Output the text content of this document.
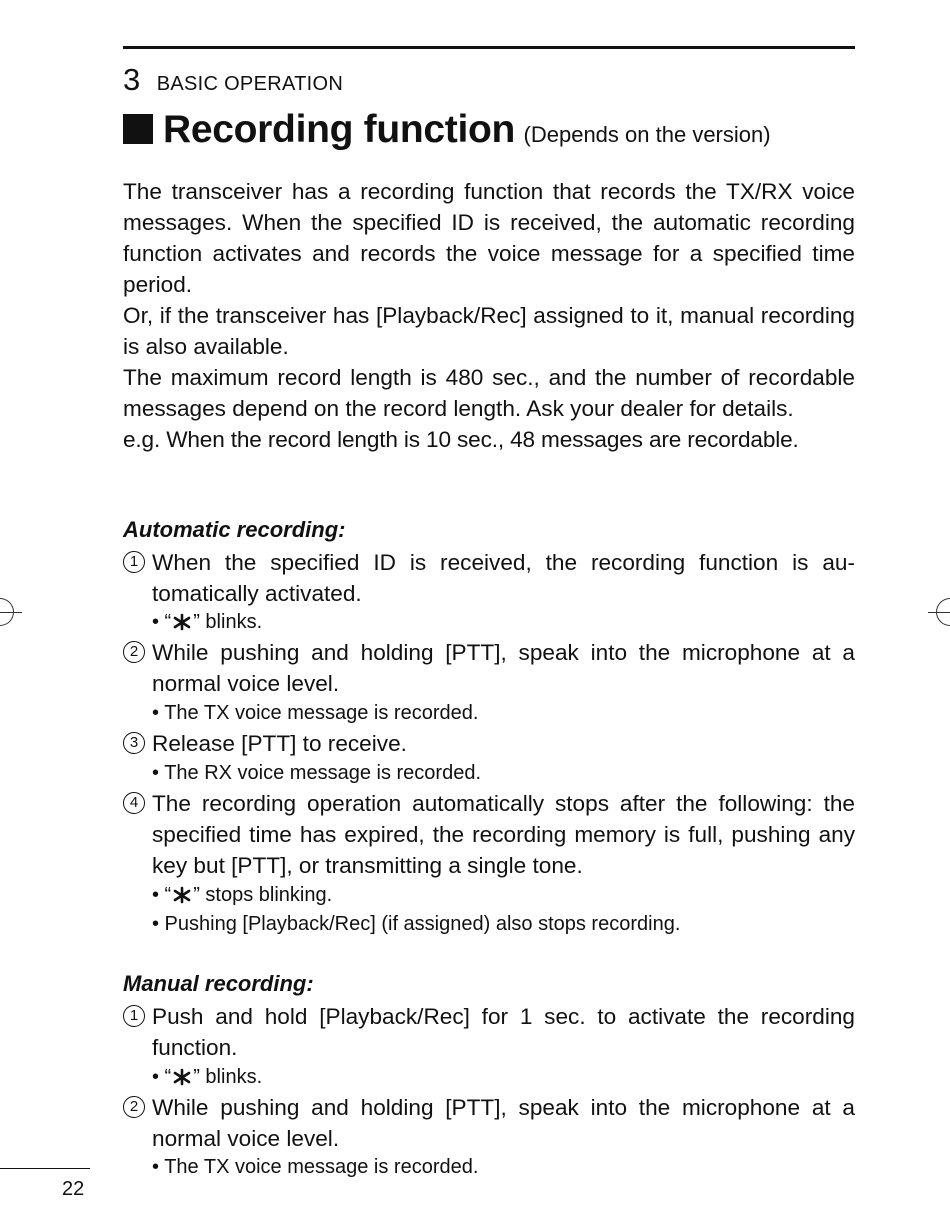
3 BASIC OPERATION
Recording function (Depends on the version)

The transceiver has a recording function that records the TX/RX voice messages. When the specified ID is received, the automatic recording function activates and records the voice message for a specified time period.

Or, if the transceiver has [Playback/Rec] assigned to it, manual recording is also available.

The maximum record length is 480 sec., and the number of recordable messages depend on the record length. Ask your dealer for details.

e.g. When the record length is 10 sec., 48 messages are recordable.

Automatic recording:
1 When the specified ID is received, the recording function is automatically activated.
• “ ” blinks.
2 While pushing and holding [PTT], speak into the microphone at a normal voice level.
• The TX voice message is recorded.
3 Release [PTT] to receive.
• The RX voice message is recorded.
4 The recording operation automatically stops after the following: the specified time has expired, the recording memory is full, pushing any key but [PTT], or transmitting a single tone.
• “ ” stops blinking.
• Pushing [Playback/Rec] (if assigned) also stops recording.
Manual recording:
1 Push and hold [Playback/Rec] for 1 sec. to activate the recording function.
• “ ” blinks.
2 While pushing and holding [PTT], speak into the microphone at a normal voice level.
• The TX voice message is recorded.
22
